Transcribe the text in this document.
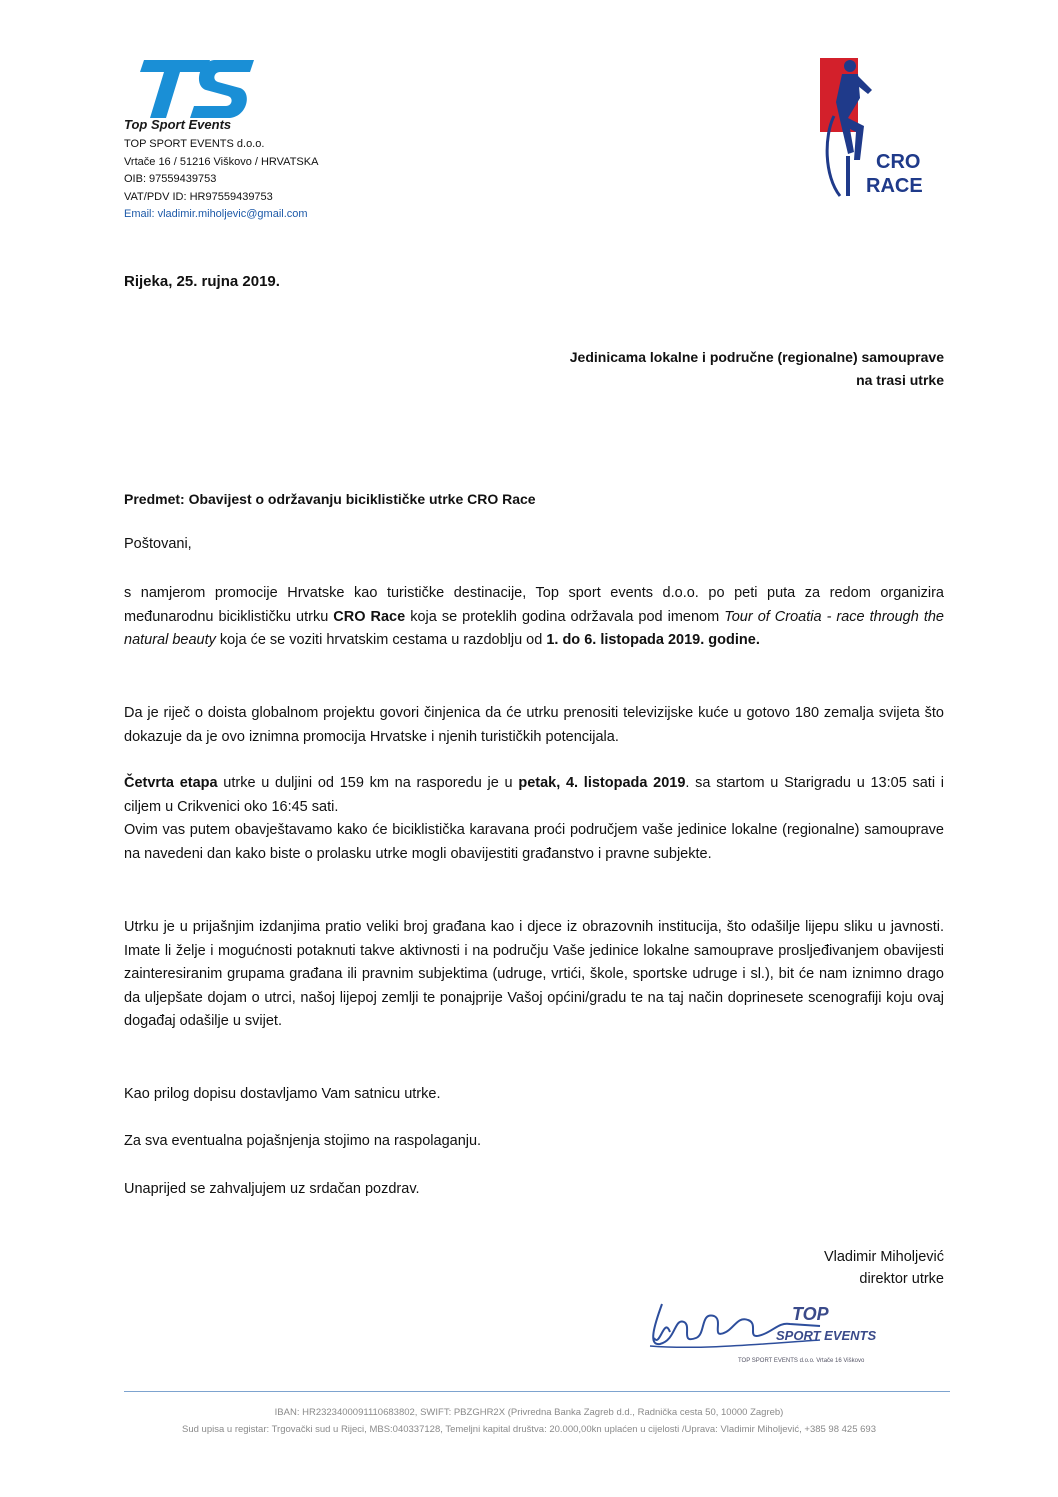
Top Sport Events
TOP SPORT EVENTS d.o.o.
Vrtače 16 / 51216 Viškovo / HRVATSKA
OIB: 97559439753
VAT/PDV ID: HR97559439753
Email: vladimir.miholjevic@gmail.com
CRO
RACE
Rijeka, 25. rujna 2019.
Jedinicama lokalne i područne (regionalne) samouprave
na trasi utrke
Predmet: Obavijest o održavanju biciklističke utrke CRO Race
Poštovani,
s namjerom promocije Hrvatske kao turističke destinacije, Top sport events d.o.o. po peti puta za redom organizira međunarodnu biciklističku utrku CRO Race koja se proteklih godina održavala pod imenom Tour of Croatia - race through the natural beauty koja će se voziti hrvatskim cestama u razdoblju od 1. do 6. listopada 2019. godine.
Da je riječ o doista globalnom projektu govori činjenica da će utrku prenositi televizijske kuće u gotovo 180 zemalja svijeta što dokazuje da je ovo iznimna promocija Hrvatske i njenih turističkih potencijala.
Četvrta etapa utrke u duljini od 159 km na rasporedu je u petak, 4. listopada 2019. sa startom u Starigradu u 13:05 sati i ciljem u Crikvenici oko 16:45 sati.
Ovim vas putem obavještavamo kako će biciklistička karavana proći područjem vaše jedinice lokalne (regionalne) samouprave na navedeni dan kako biste o prolasku utrke mogli obavijestiti građanstvo i pravne subjekte.
Utrku je u prijašnjim izdanjima pratio veliki broj građana kao i djece iz obrazovnih institucija, što odašilje lijepu sliku u javnosti. Imate li želje i mogućnosti potaknuti takve aktivnosti i na području Vaše jedinice lokalne samouprave prosljeđivanjem obavijesti zainteresiranim grupama građana ili pravnim subjektima (udruge, vrtići, škole, sportske udruge i sl.), bit će nam iznimno drago da uljepšate dojam o utrci, našoj lijepoj zemlji te ponajprije Vašoj općini/gradu te na taj način doprinesete scenografiji koju ovaj događaj odašilje u svijet.
Kao prilog dopisu dostavljamo Vam satnicu utrke.
Za sva eventualna pojašnjenja stojimo na raspolaganju.
Unaprijed se zahvaljujem uz srdačan pozdrav.
Vladimir Miholjević
direktor utrke
TOP
SPORT EVENTS
TOP SPORT EVENTS d.o.o. Vrtače 16 Viškovo
IBAN: HR2323400091110683802, SWIFT: PBZGHR2X (Privredna Banka Zagreb d.d., Radnička cesta 50, 10000 Zagreb)
Sud upisa u registar: Trgovački sud u Rijeci, MBS:040337128, Temeljni kapital društva: 20.000,00kn uplaćen u cijelosti /Uprava: Vladimir Miholjević, +385 98 425 693
